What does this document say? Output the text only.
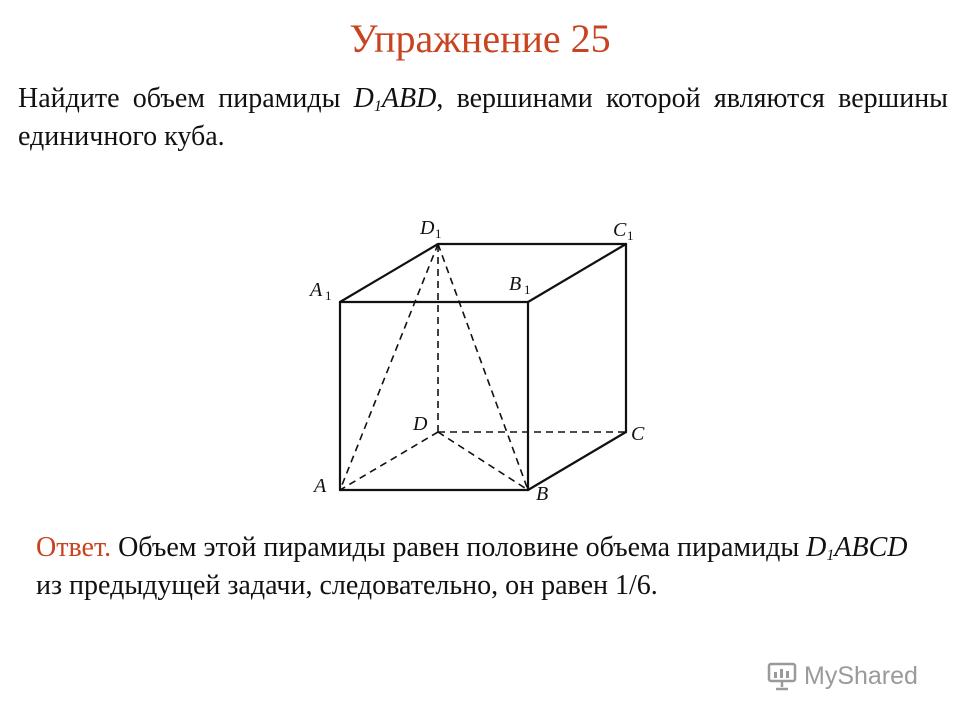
Упражнение 25
Найдите объем пирамиды $D_1ABD$, вершинами которой являются вершины единичного куба.
A	B
C
D
A 1
B 1
C 1
D 1
Ответ. Объем этой пирамиды равен половине объема пирамиды $D_1ABCD$ из предыдущей задачи, следовательно, он равен 1/6.
MyShared
